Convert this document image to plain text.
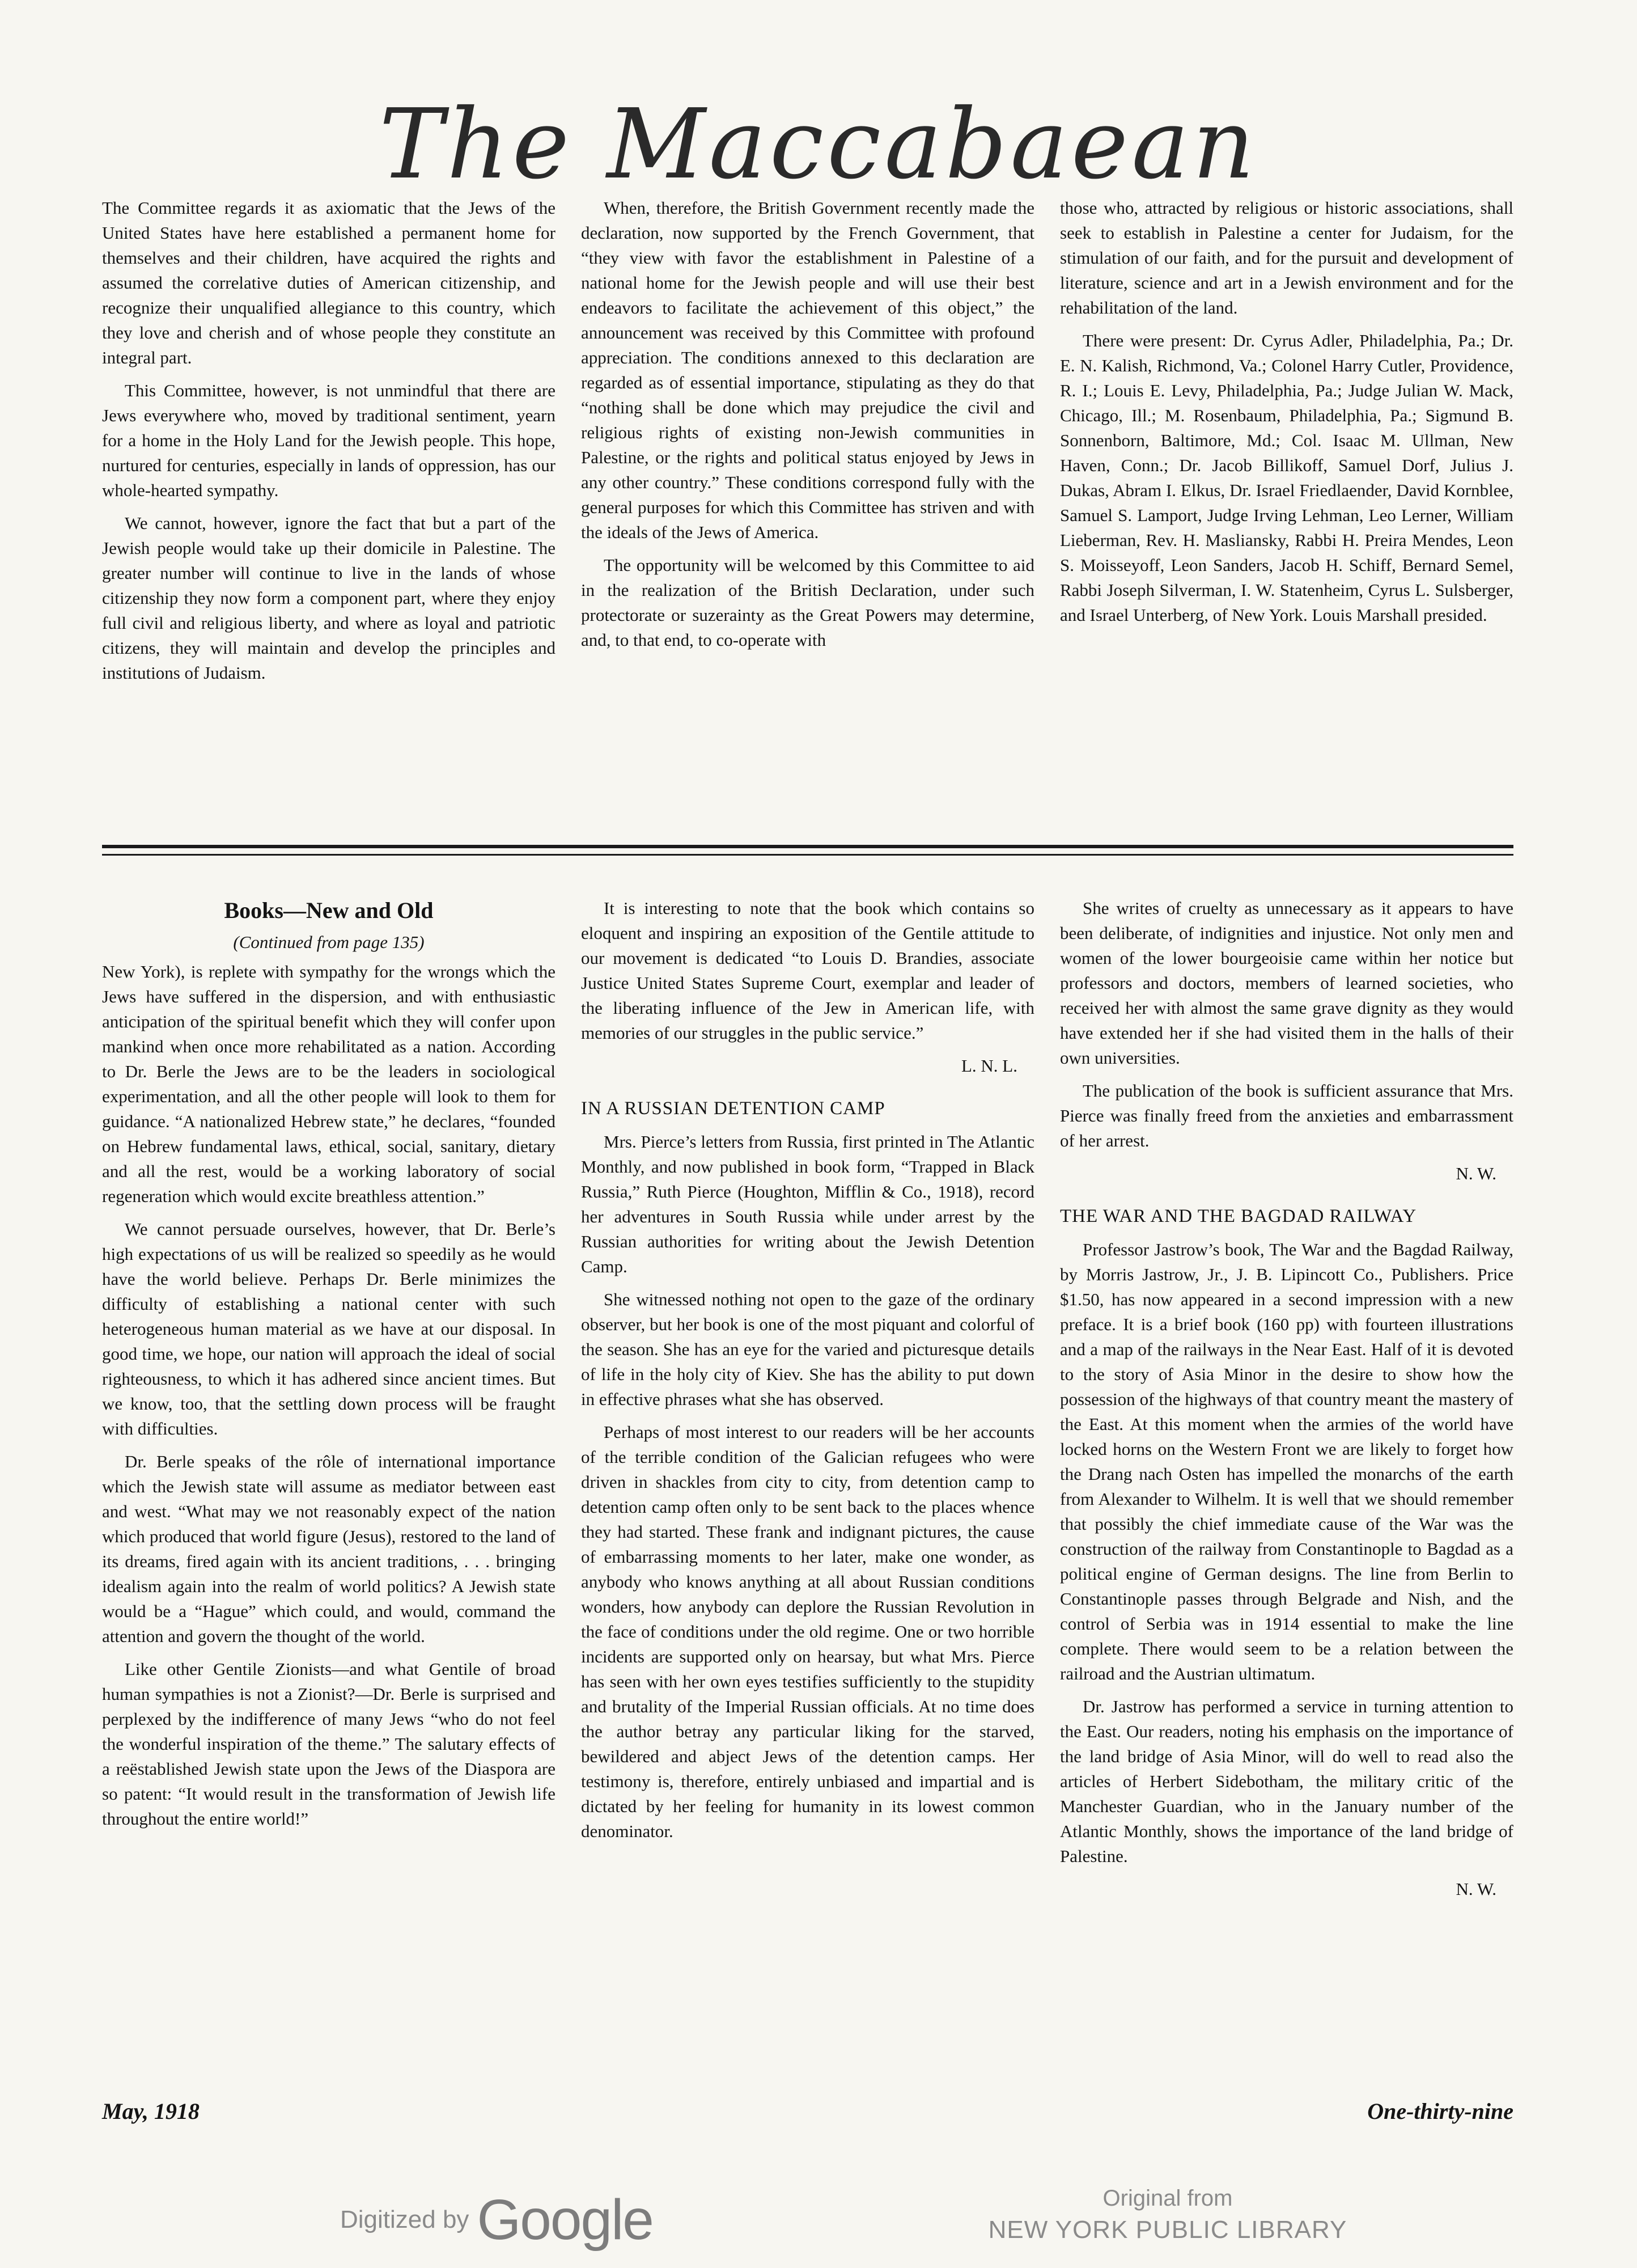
The Maccabaean

The Committee regards it as axiomatic that the Jews of the United States have here established a permanent home for themselves and their children, have acquired the rights and assumed the correlative duties of American citizenship, and recognize their unqualified allegiance to this country, which they love and cherish and of whose people they constitute an integral part.

This Committee, however, is not unmindful that there are Jews everywhere who, moved by traditional sentiment, yearn for a home in the Holy Land for the Jewish people. This hope, nurtured for centuries, especially in lands of oppression, has our whole-hearted sympathy.

We cannot, however, ignore the fact that but a part of the Jewish people would take up their domicile in Palestine. The greater number will continue to live in the lands of whose citizenship they now form a component part, where they enjoy full civil and religious liberty, and where as loyal and patriotic citizens, they will maintain and develop the principles and institutions of Judaism.

When, therefore, the British Government recently made the declaration, now supported by the French Government, that “they view with favor the establishment in Palestine of a national home for the Jewish people and will use their best endeavors to facilitate the achievement of this object,” the announcement was received by this Committee with profound appreciation. The conditions annexed to this declaration are regarded as of essential importance, stipulating as they do that “nothing shall be done which may prejudice the civil and religious rights of existing non-Jewish communities in Palestine, or the rights and political status enjoyed by Jews in any other country.” These conditions correspond fully with the general purposes for which this Committee has striven and with the ideals of the Jews of America.

The opportunity will be welcomed by this Committee to aid in the realization of the British Declaration, under such protectorate or suzerainty as the Great Powers may determine, and, to that end, to co-operate with

those who, attracted by religious or historic associations, shall seek to establish in Palestine a center for Judaism, for the stimulation of our faith, and for the pursuit and development of literature, science and art in a Jewish environment and for the rehabilitation of the land.

There were present: Dr. Cyrus Adler, Philadelphia, Pa.; Dr. E. N. Kalish, Richmond, Va.; Colonel Harry Cutler, Providence, R. I.; Louis E. Levy, Philadelphia, Pa.; Judge Julian W. Mack, Chicago, Ill.; M. Rosenbaum, Philadelphia, Pa.; Sigmund B. Sonnenborn, Baltimore, Md.; Col. Isaac M. Ullman, New Haven, Conn.; Dr. Jacob Billikoff, Samuel Dorf, Julius J. Dukas, Abram I. Elkus, Dr. Israel Friedlaender, David Kornblee, Samuel S. Lamport, Judge Irving Lehman, Leo Lerner, William Lieberman, Rev. H. Masliansky, Rabbi H. Preira Mendes, Leon S. Moisseyoff, Leon Sanders, Jacob H. Schiff, Bernard Semel, Rabbi Joseph Silverman, I. W. Statenheim, Cyrus L. Sulsberger, and Israel Unterberg, of New York. Louis Marshall presided.

Books—New and Old
(Continued from page 135)

New York), is replete with sympathy for the wrongs which the Jews have suffered in the dispersion, and with enthusiastic anticipation of the spiritual benefit which they will confer upon mankind when once more rehabilitated as a nation. According to Dr. Berle the Jews are to be the leaders in sociological experimentation, and all the other people will look to them for guidance. “A nationalized Hebrew state,” he declares, “founded on Hebrew fundamental laws, ethical, social, sanitary, dietary and all the rest, would be a working laboratory of social regeneration which would excite breathless attention.”

We cannot persuade ourselves, however, that Dr. Berle’s high expectations of us will be realized so speedily as he would have the world believe. Perhaps Dr. Berle minimizes the difficulty of establishing a national center with such heterogeneous human material as we have at our disposal. In good time, we hope, our nation will approach the ideal of social righteousness, to which it has adhered since ancient times. But we know, too, that the settling down process will be fraught with difficulties.

Dr. Berle speaks of the rôle of international importance which the Jewish state will assume as mediator between east and west. “What may we not reasonably expect of the nation which produced that world figure (Jesus), restored to the land of its dreams, fired again with its ancient traditions, . . . bringing idealism again into the realm of world politics? A Jewish state would be a “Hague” which could, and would, command the attention and govern the thought of the world.

Like other Gentile Zionists—and what Gentile of broad human sympathies is not a Zionist?—Dr. Berle is surprised and perplexed by the indifference of many Jews “who do not feel the wonderful inspiration of the theme.” The salutary effects of a reëstablished Jewish state upon the Jews of the Diaspora are so patent: “It would result in the transformation of Jewish life throughout the entire world!”

It is interesting to note that the book which contains so eloquent and inspiring an exposition of the Gentile attitude to our movement is dedicated “to Louis D. Brandies, associate Justice United States Supreme Court, exemplar and leader of the liberating influence of the Jew in American life, with memories of our struggles in the public service.”

L. N. L.
IN A RUSSIAN DETENTION CAMP

Mrs. Pierce’s letters from Russia, first printed in The Atlantic Monthly, and now published in book form, “Trapped in Black Russia,” Ruth Pierce (Houghton, Mifflin & Co., 1918), record her adventures in South Russia while under arrest by the Russian authorities for writing about the Jewish Detention Camp.

She witnessed nothing not open to the gaze of the ordinary observer, but her book is one of the most piquant and colorful of the season. She has an eye for the varied and picturesque details of life in the holy city of Kiev. She has the ability to put down in effective phrases what she has observed.

Perhaps of most interest to our readers will be her accounts of the terrible condition of the Galician refugees who were driven in shackles from city to city, from detention camp to detention camp often only to be sent back to the places whence they had started. These frank and indignant pictures, the cause of embarrassing moments to her later, make one wonder, as anybody who knows anything at all about Russian conditions wonders, how anybody can deplore the Russian Revolution in the face of conditions under the old regime. One or two horrible incidents are supported only on hearsay, but what Mrs. Pierce has seen with her own eyes testifies sufficiently to the stupidity and brutality of the Imperial Russian officials. At no time does the author betray any particular liking for the starved, bewildered and abject Jews of the detention camps. Her testimony is, therefore, entirely unbiased and impartial and is dictated by her feeling for humanity in its lowest common denominator.

She writes of cruelty as unnecessary as it appears to have been deliberate, of indignities and injustice. Not only men and women of the lower bourgeoisie came within her notice but professors and doctors, members of learned societies, who received her with almost the same grave dignity as they would have extended her if she had visited them in the halls of their own universities.

The publication of the book is sufficient assurance that Mrs. Pierce was finally freed from the anxieties and embarrassment of her arrest.

N. W.
THE WAR AND THE BAGDAD RAILWAY

Professor Jastrow’s book, The War and the Bagdad Railway, by Morris Jastrow, Jr., J. B. Lipincott Co., Publishers. Price $1.50, has now appeared in a second impression with a new preface. It is a brief book (160 pp) with fourteen illustrations and a map of the railways in the Near East. Half of it is devoted to the story of Asia Minor in the desire to show how the possession of the highways of that country meant the mastery of the East. At this moment when the armies of the world have locked horns on the Western Front we are likely to forget how the Drang nach Osten has impelled the monarchs of the earth from Alexander to Wilhelm. It is well that we should remember that possibly the chief immediate cause of the War was the construction of the railway from Constantinople to Bagdad as a political engine of German designs. The line from Berlin to Constantinople passes through Belgrade and Nish, and the control of Serbia was in 1914 essential to make the line complete. There would seem to be a relation between the railroad and the Austrian ultimatum.

Dr. Jastrow has performed a service in turning attention to the East. Our readers, noting his emphasis on the importance of the land bridge of Asia Minor, will do well to read also the articles of Herbert Sidebotham, the military critic of the Manchester Guardian, who in the January number of the Atlantic Monthly, shows the importance of the land bridge of Palestine.

N. W.
May, 1918	One-thirty-nine
Digitized by Google	Original from
NEW YORK PUBLIC LIBRARY
